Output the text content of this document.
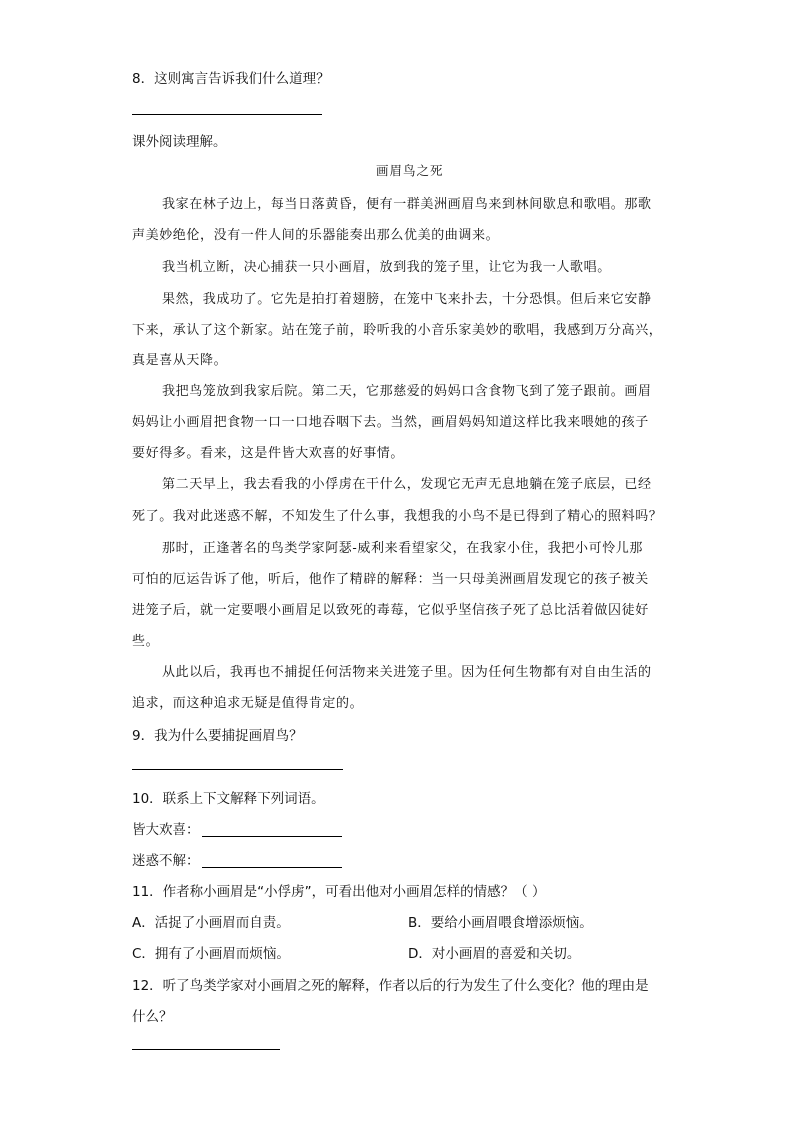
8．这则寓言告诉我们什么道理？
课外阅读理解。
画眉鸟之死
我家在林子边上，每当日落黄昏，便有一群美洲画眉鸟来到林间歇息和歌唱。那歌
声美妙绝伦，没有一件人间的乐器能奏出那么优美的曲调来。
我当机立断，决心捕获一只小画眉，放到我的笼子里，让它为我一人歌唱。
果然，我成功了。它先是拍打着翅膀，在笼中飞来扑去，十分恐惧。但后来它安静
下来，承认了这个新家。站在笼子前，聆听我的小音乐家美妙的歌唱，我感到万分高兴，
真是喜从天降。
我把鸟笼放到我家后院。第二天，它那慈爱的妈妈口含食物飞到了笼子跟前。画眉
妈妈让小画眉把食物一口一口地吞咽下去。当然，画眉妈妈知道这样比我来喂她的孩子
要好得多。看来，这是件皆大欢喜的好事情。
第二天早上，我去看我的小俘虏在干什么，发现它无声无息地躺在笼子底层，已经
死了。我对此迷惑不解，不知发生了什么事，我想我的小鸟不是已得到了精心的照料吗？
那时，正逢著名的鸟类学家阿瑟-威利来看望家父，在我家小住，我把小可怜儿那
可怕的厄运告诉了他，听后，他作了精辟的解释：当一只母美洲画眉发现它的孩子被关
进笼子后，就一定要喂小画眉足以致死的毒莓，它似乎坚信孩子死了总比活着做囚徒好
些。
从此以后，我再也不捕捉任何活物来关进笼子里。因为任何生物都有对自由生活的
追求，而这种追求无疑是值得肯定的。
9．我为什么要捕捉画眉鸟？
10．联系上下文解释下列词语。
皆大欢喜：
迷惑不解：
11．作者称小画眉是“小俘虏”，可看出他对小画眉怎样的情感？（ ）
A．活捉了小画眉而自责。	B．要给小画眉喂食增添烦恼。
C．拥有了小画眉而烦恼。	D．对小画眉的喜爱和关切。
12．听了鸟类学家对小画眉之死的解释，作者以后的行为发生了什么变化？他的理由是
什么？
